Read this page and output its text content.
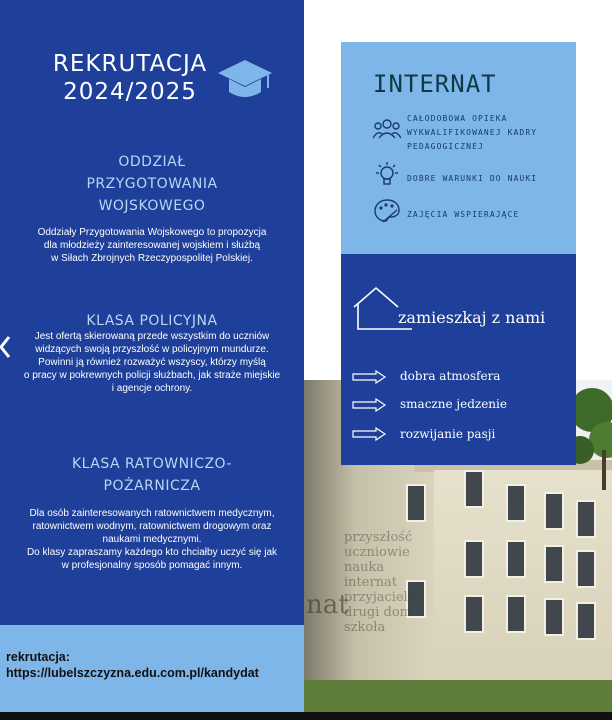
REKRUTACJA
2024/2025
ODDZIAŁ
PRZYGOTOWANIA
WOJSKOWEGO
Oddziały Przygotowania Wojskowego to propozycja
dla młodzieży zainteresowanej wojskiem i służbą
w Siłach Zbrojnych Rzeczypospolitej Polskiej.
KLASA POLICYJNA
Jest ofertą skierowaną przede wszystkim do uczniów
widzących swoją przyszłość w policyjnym mundurze.
Powinni ją również rozważyć wszyscy, którzy myślą
o pracy w pokrewnych policji służbach, jak straże miejskie
i agencje ochrony.
KLASA RATOWNICZO-
POŻARNICZA
Dla osób zainteresowanych ratownictwem medycznym,
ratownictwem wodnym, ratownictwem drogowym oraz
naukami medycznymi.
Do klasy zapraszamy każdego kto chciałby uczyć się jak
w profesjonalny sposób pomagać innym.
rekrutacja:
https://lubelszczyzna.edu.com.pl/kandydat
przyszłość
uczniowie
nauka
internat
przyjaciele
drugi dom
szkoła
nat
INTERNAT
CAŁODOBOWA OPIEKA
WYKWALIFIKOWANEJ KADRY
PEDAGOGICZNEJ
DOBRE WARUNKI DO NAUKI
ZAJĘCIA WSPIERAJĄCE
zamieszkaj z nami
dobra atmosfera
smaczne jedzenie
rozwijanie pasji
